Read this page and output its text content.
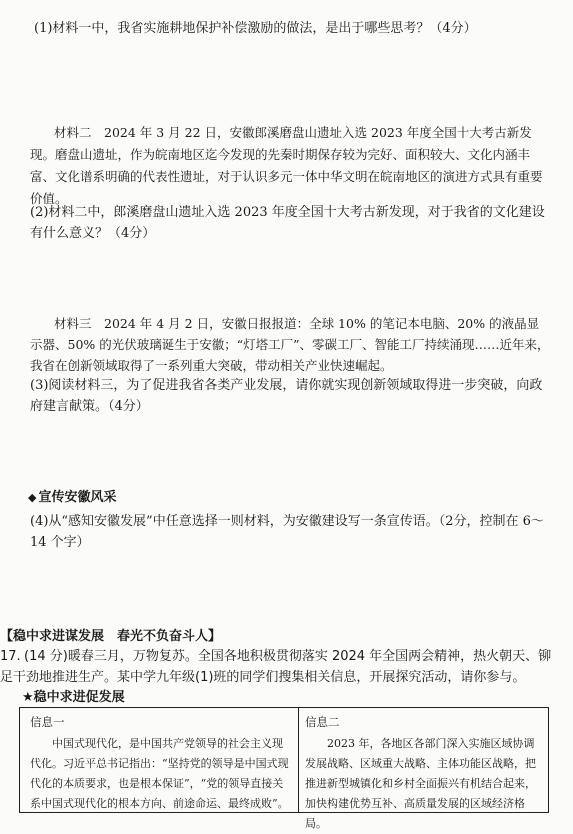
(1)材料一中，我省实施耕地保护补偿激励的做法，是出于哪些思考？（4分）
材料二　2024 年 3 月 22 日，安徽郎溪磨盘山遗址入选 2023 年度全国十大考古新发现。磨盘山遗址，作为皖南地区迄今发现的先秦时期保存较为完好、面积较大、文化内涵丰富、文化谱系明确的代表性遗址，对于认识多元一体中华文明在皖南地区的演进方式具有重要价值。
(2)材料二中，郎溪磨盘山遗址入选 2023 年度全国十大考古新发现，对于我省的文化建设有什么意义？（4分）
材料三　2024 年 4 月 2 日，安徽日报报道：全球 10% 的笔记本电脑、20% 的液晶显示器、50% 的光伏玻璃诞生于安徽；“灯塔工厂”、零碳工厂、智能工厂持续涌现……近年来，我省在创新领域取得了一系列重大突破，带动相关产业快速崛起。
(3)阅读材料三，为了促进我省各类产业发展，请你就实现创新领域取得进一步突破，向政府建言献策。（4分）
◆ 宣传安徽风采
(4)从“感知安徽发展”中任意选择一则材料，为安徽建设写一条宣传语。（2分，控制在 6～14 个字）
【稳中求进谋发展　春光不负奋斗人】
17. (14 分)暖春三月，万物复苏。全国各地积极贯彻落实 2024 年全国两会精神，热火朝天、铆足干劲地推进生产。某中学九年级(1)班的同学们搜集相关信息，开展探究活动，请你参与。
★稳中求进促发展
信息一
中国式现代化，是中国共产党领导的社会主义现代化。习近平总书记指出：“坚持党的领导是中国式现代化的本质要求，也是根本保证”，“党的领导直接关系中国式现代化的根本方向、前途命运、最终成败”。
信息二
2023 年，各地区各部门深入实施区域协调发展战略、区域重大战略、主体功能区战略，把推进新型城镇化和乡村全面振兴有机结合起来，加快构建优势互补、高质量发展的区域经济格局。
